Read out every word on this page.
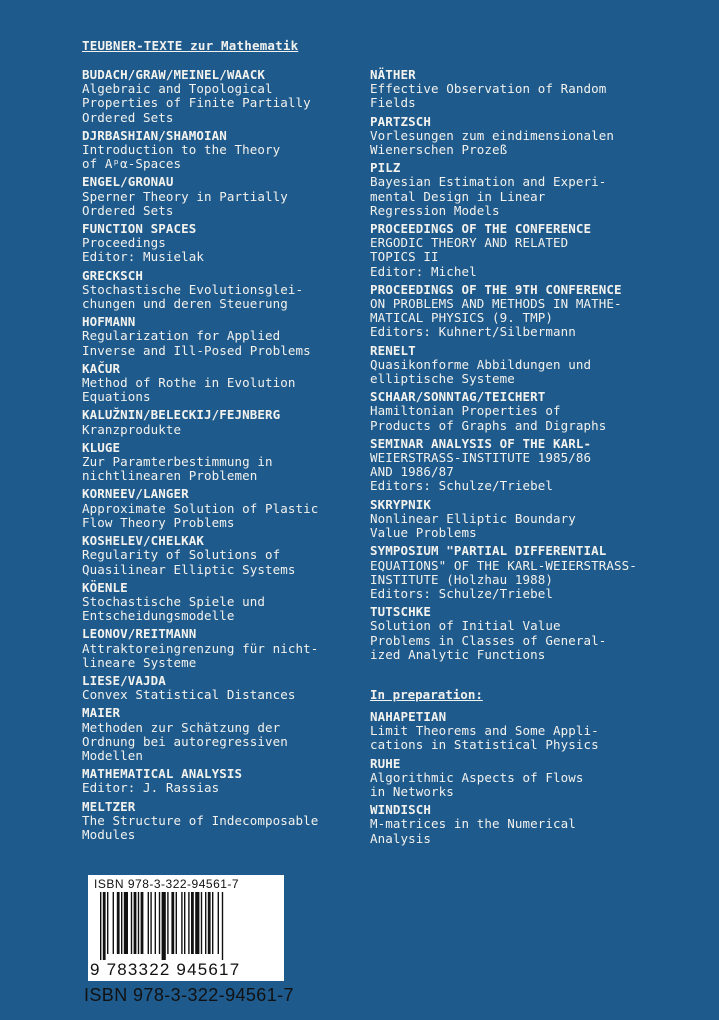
TEUBNER-TEXTE zur Mathematik
BUDACH/GRAW/MEINEL/WAACK
Algebraic and Topological
Properties of Finite Partially
Ordered Sets
DJRBASHIAN/SHAMOIAN
Introduction to the Theory
of Aᵖα-Spaces
ENGEL/GRONAU
Sperner Theory in Partially
Ordered Sets
FUNCTION SPACES
Proceedings
Editor: Musielak
GRECKSCH
Stochastische Evolutionsglei-
chungen und deren Steuerung
HOFMANN
Regularization for Applied
Inverse and Ill-Posed Problems
KAČUR
Method of Rothe in Evolution
Equations
KALUŽNIN/BELECKIJ/FEJNBERG
Kranzprodukte
KLUGE
Zur Paramterbestimmung in
nichtlinearen Problemen
KORNEEV/LANGER
Approximate Solution of Plastic
Flow Theory Problems
KOSHELEV/CHELKAK
Regularity of Solutions of
Quasilinear Elliptic Systems
KÖENLE
Stochastische Spiele und
Entscheidungsmodelle
LEONOV/REITMANN
Attraktoreingrenzung für nicht-
lineare Systeme
LIESE/VAJDA
Convex Statistical Distances
MAIER
Methoden zur Schätzung der
Ordnung bei autoregressiven
Modellen
MATHEMATICAL ANALYSIS
Editor: J. Rassias
MELTZER
The Structure of Indecomposable
Modules
NÄTHER
Effective Observation of Random
Fields
PARTZSCH
Vorlesungen zum eindimensionalen
Wienerschen Prozeß
PILZ
Bayesian Estimation and Experi-
mental Design in Linear
Regression Models
PROCEEDINGS OF THE CONFERENCE
ERGODIC THEORY AND RELATED
TOPICS II
Editor: Michel
PROCEEDINGS OF THE 9TH CONFERENCE
ON PROBLEMS AND METHODS IN MATHE-
MATICAL PHYSICS (9. TMP)
Editors: Kuhnert/Silbermann
RENELT
Quasikonforme Abbildungen und
elliptische Systeme
SCHAAR/SONNTAG/TEICHERT
Hamiltonian Properties of
Products of Graphs and Digraphs
SEMINAR ANALYSIS OF THE KARL-
WEIERSTRASS-INSTITUTE 1985/86
AND 1986/87
Editors: Schulze/Triebel
SKRYPNIK
Nonlinear Elliptic Boundary
Value Problems
SYMPOSIUM "PARTIAL DIFFERENTIAL
EQUATIONS" OF THE KARL-WEIERSTRASS-
INSTITUTE (Holzhau 1988)
Editors: Schulze/Triebel
TUTSCHKE
Solution of Initial Value
Problems in Classes of General-
ized Analytic Functions
In preparation:
NAHAPETIAN
Limit Theorems and Some Appli-
cations in Statistical Physics
RUHE
Algorithmic Aspects of Flows
in Networks
WINDISCH
M-matrices in the Numerical
Analysis
ISBN 978-3-322-94561-7
9 783322 945617
ISBN 978-3-322-94561-7
